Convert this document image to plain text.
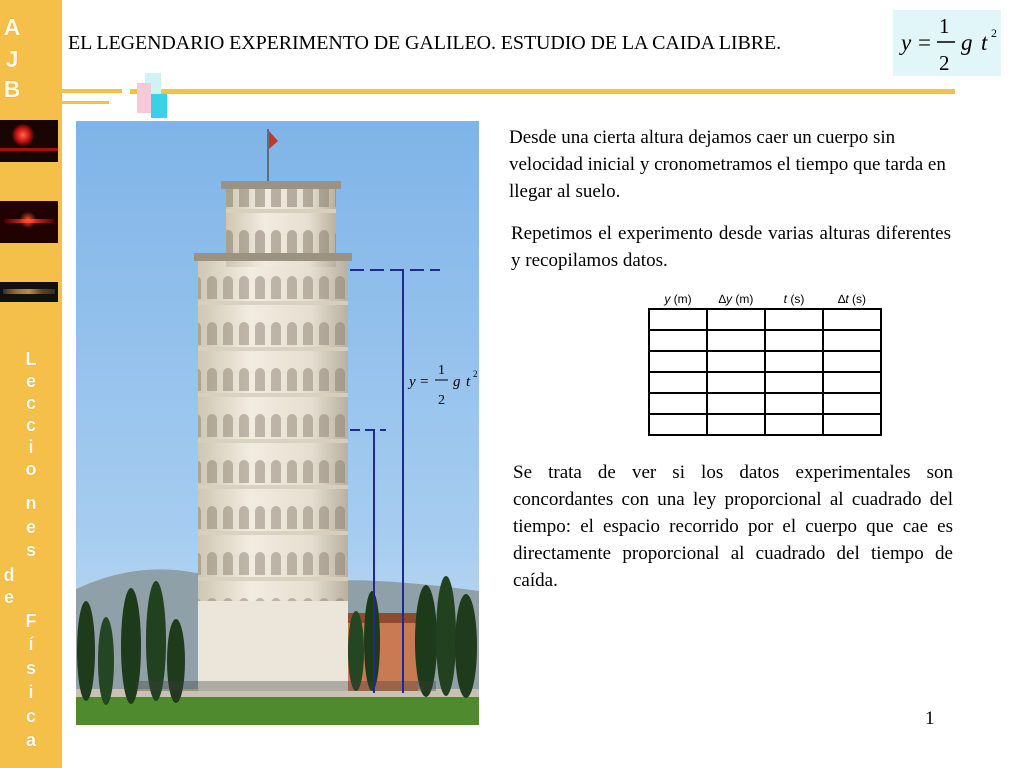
A
J
B
L
e
c
c
i
o
n
e
s
d
e
F
í
s
i
c
a
EL LEGENDARIO EXPERIMENTO DE GALILEO. ESTUDIO DE LA CAIDA LIBRE.	y =
1
2
g t 2
y =
1
2
g t 2
Desde una cierta altura dejamos caer un cuerpo sin velocidad inicial y cronometramos el tiempo que tarda en llegar al suelo.
Repetimos el experimento desde varias alturas diferentes y recopilamos datos.
y (m)	∆y (m)	t (s)	∆t (s)

Se trata de ver si los datos experimentales son concordantes con una ley proporcional al cuadrado del tiempo: el espacio recorrido por el cuerpo que cae es directamente proporcional al cuadrado del tiempo de caída.
1
